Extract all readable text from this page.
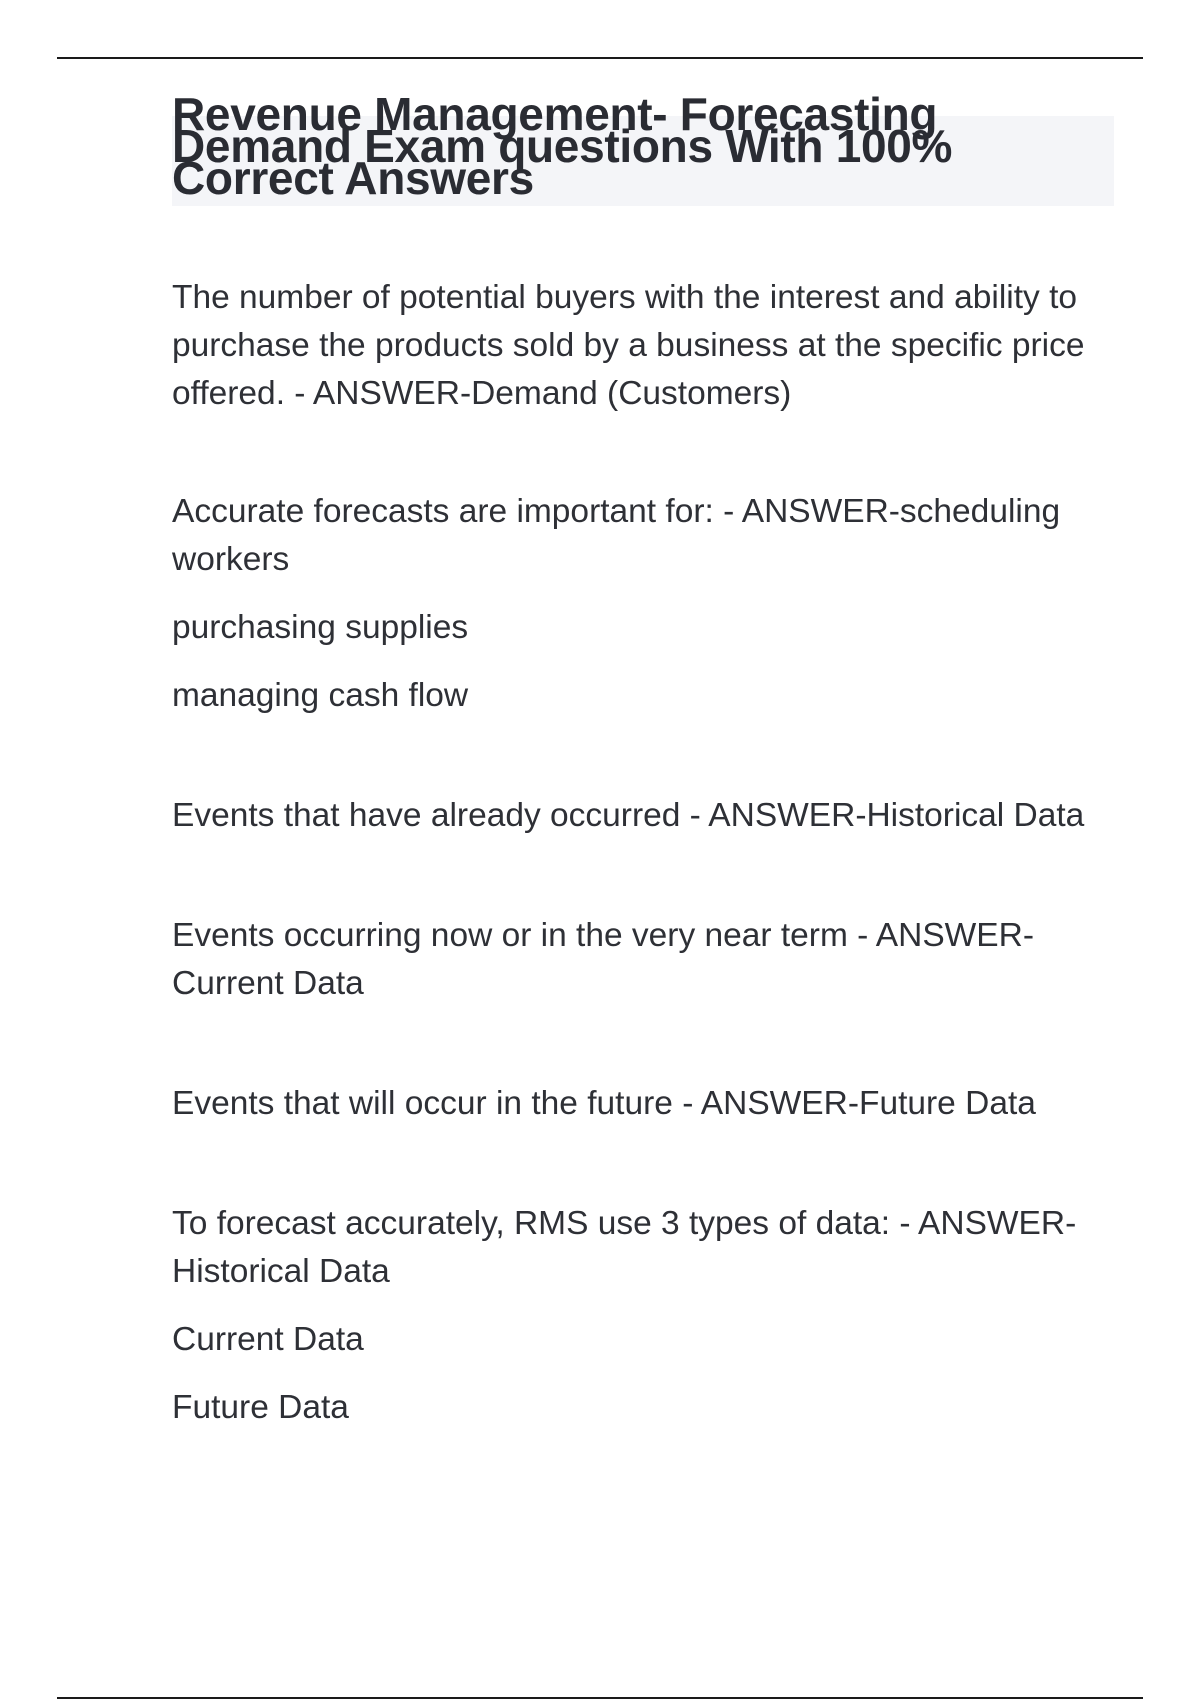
Revenue Management- Forecasting Demand Exam questions With 100% Correct Answers

The number of potential buyers with the interest and ability to purchase the products sold by a business at the specific price offered. - ANSWER-Demand (Customers)

Accurate forecasts are important for: - ANSWER-scheduling workers

purchasing supplies

managing cash flow

Events that have already occurred - ANSWER-Historical Data

Events occurring now or in the very near term - ANSWER-Current Data

Events that will occur in the future - ANSWER-Future Data

To forecast accurately, RMS use 3 types of data: - ANSWER-Historical Data

Current Data

Future Data
